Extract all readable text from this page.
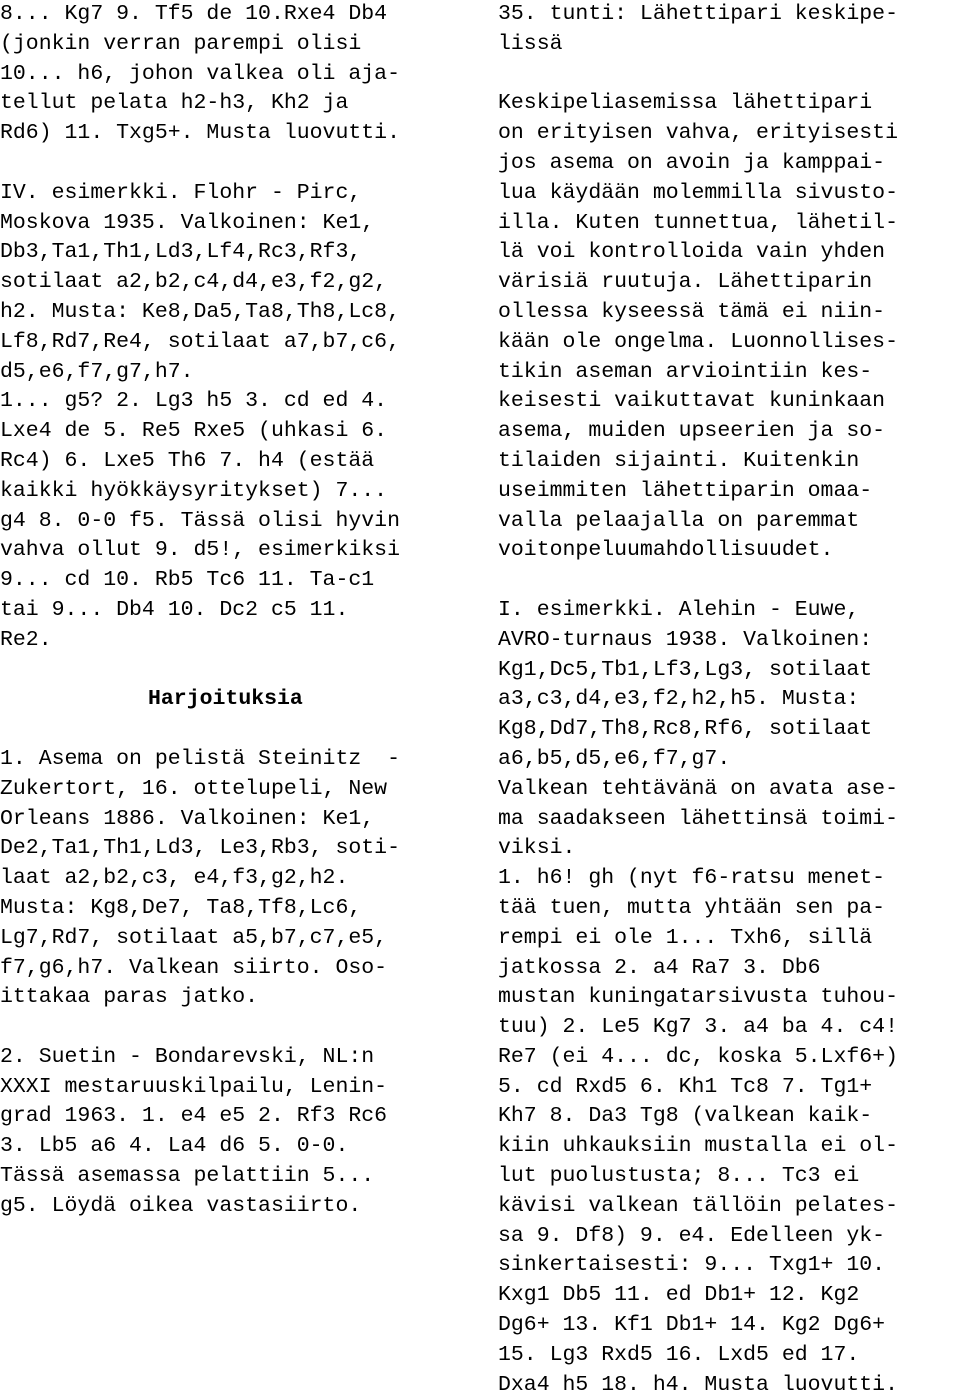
8... Kg7 9. Tf5 de 10.Rxe4 Db4
(jonkin verran parempi olisi
10... h6, johon valkea oli aja-
tellut pelata h2-h3, Kh2 ja
Rd6) 11. Txg5+. Musta luovutti.
IV. esimerkki. Flohr - Pirc,
Moskova 1935. Valkoinen: Ke1,
Db3,Ta1,Th1,Ld3,Lf4,Rc3,Rf3,
sotilaat a2,b2,c4,d4,e3,f2,g2,
h2. Musta: Ke8,Da5,Ta8,Th8,Lc8,
Lf8,Rd7,Re4, sotilaat a7,b7,c6,
d5,e6,f7,g7,h7.
1... g5? 2. Lg3 h5 3. cd ed 4.
Lxe4 de 5. Re5 Rxe5 (uhkasi 6.
Rc4) 6. Lxe5 Th6 7. h4 (estää
kaikki hyökkäysyritykset) 7...
g4 8. 0-0 f5. Tässä olisi hyvin
vahva ollut 9. d5!, esimerkiksi
9... cd 10. Rb5 Tc6 11. Ta-c1
tai 9... Db4 10. Dc2 c5 11.
Re2.
Harjoituksia
1. Asema on pelistä Steinitz  -
Zukertort, 16. ottelupeli, New
Orleans 1886. Valkoinen: Ke1,
De2,Ta1,Th1,Ld3, Le3,Rb3, soti-
laat a2,b2,c3, e4,f3,g2,h2.
Musta: Kg8,De7, Ta8,Tf8,Lc6,
Lg7,Rd7, sotilaat a5,b7,c7,e5,
f7,g6,h7. Valkean siirto. Oso-
ittakaa paras jatko.
2. Suetin - Bondarevski, NL:n
XXXI mestaruuskilpailu, Lenin-
grad 1963. 1. e4 e5 2. Rf3 Rc6
3. Lb5 a6 4. La4 d6 5. 0-0.
Tässä asemassa pelattiin 5...
g5. Löydä oikea vastasiirto.
35. tunti: Lähettipari keskipe-
lissä
Keskipeliasemissa lähettipari
on erityisen vahva, erityisesti
jos asema on avoin ja kamppai-
lua käydään molemmilla sivusto-
illa. Kuten tunnettua, lähetil-
lä voi kontrolloida vain yhden
värisiä ruutuja. Lähettiparin
ollessa kyseessä tämä ei niin-
kään ole ongelma. Luonnollises-
tikin aseman arviointiin kes-
keisesti vaikuttavat kuninkaan
asema, muiden upseerien ja so-
tilaiden sijainti. Kuitenkin
useimmiten lähettiparin omaa-
valla pelaajalla on paremmat
voitonpeluumahdollisuudet.
I. esimerkki. Alehin - Euwe,
AVRO-turnaus 1938. Valkoinen:
Kg1,Dc5,Tb1,Lf3,Lg3, sotilaat
a3,c3,d4,e3,f2,h2,h5. Musta:
Kg8,Dd7,Th8,Rc8,Rf6, sotilaat
a6,b5,d5,e6,f7,g7.
Valkean tehtävänä on avata ase-
ma saadakseen lähettinsä toimi-
viksi.
1. h6! gh (nyt f6-ratsu menet-
tää tuen, mutta yhtään sen pa-
rempi ei ole 1... Txh6, sillä
jatkossa 2. a4 Ra7 3. Db6
mustan kuningatarsivusta tuhou-
tuu) 2. Le5 Kg7 3. a4 ba 4. c4!
Re7 (ei 4... dc, koska 5.Lxf6+)
5. cd Rxd5 6. Kh1 Tc8 7. Tg1+
Kh7 8. Da3 Tg8 (valkean kaik-
kiin uhkauksiin mustalla ei ol-
lut puolustusta; 8... Tc3 ei
kävisi valkean tällöin pelates-
sa 9. Df8) 9. e4. Edelleen yk-
sinkertaisesti: 9... Txg1+ 10.
Kxg1 Db5 11. ed Db1+ 12. Kg2
Dg6+ 13. Kf1 Db1+ 14. Kg2 Dg6+
15. Lg3 Rxd5 16. Lxd5 ed 17.
Dxa4 h5 18. h4. Musta luovutti.
